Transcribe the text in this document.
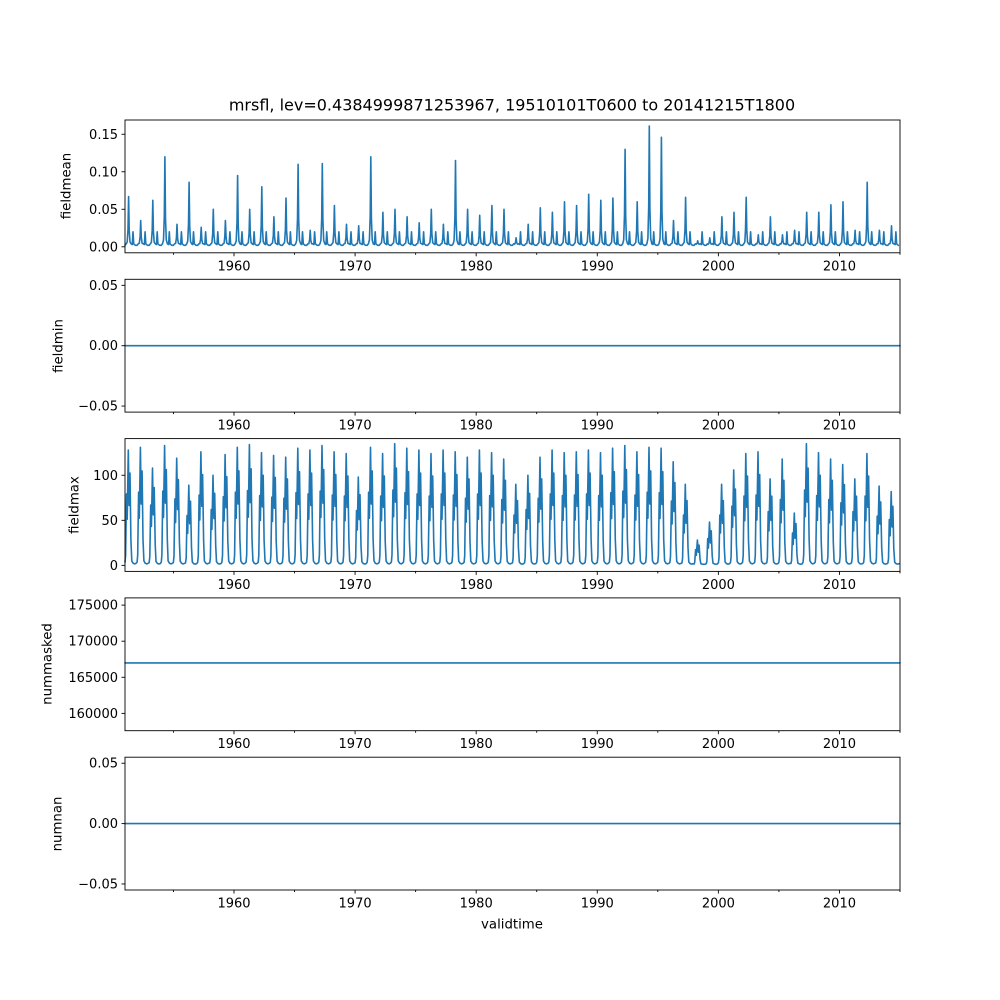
1960	1970	1980	1990	2000	2010
0.00
0.05
0.10
0.15
1960	1970	1980	1990	2000	2010
−0.05
0.00
0.05
1960	1970	1980	1990	2000	2010
0
50
100
1960	1970	1980	1990	2000	2010
160000
165000
170000
175000
1960	1970	1980	1990	2000	2010
−0.05
0.00
0.05
mrsfl, lev=0.4384999871253967, 19510101T0600 to 20141215T1800
fieldmean
fieldmin
fieldmax
nummasked
numnan
validtime
